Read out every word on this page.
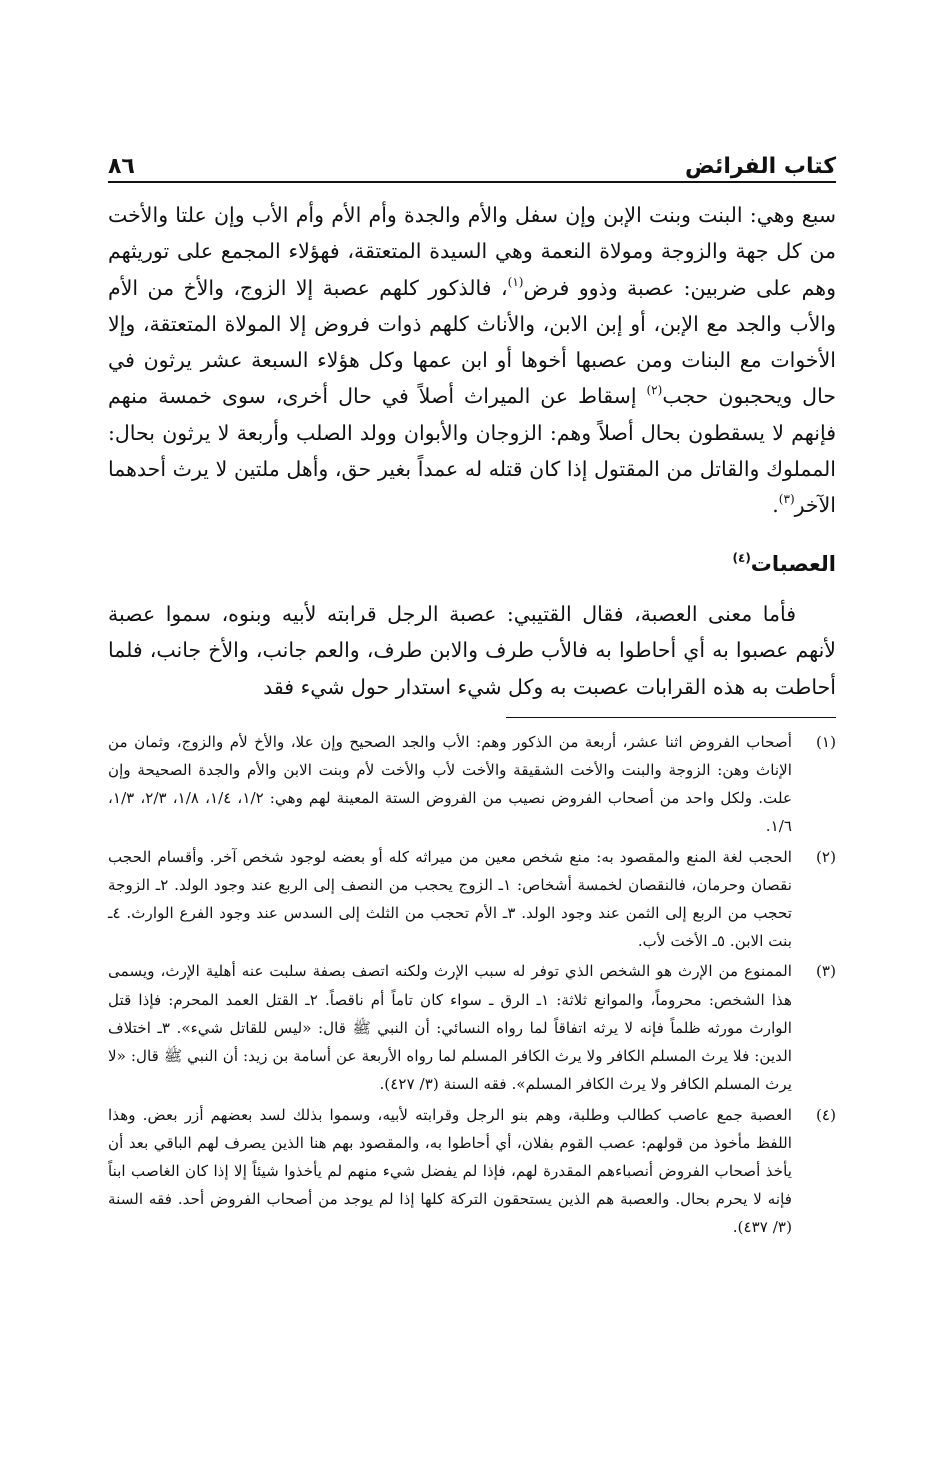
كتاب الفرائض
٨٦

سبع وهي: البنت وبنت الإبن وإن سفل والأم والجدة وأم الأم وأم الأب وإن علتا والأخت من كل جهة والزوجة ومولاة النعمة وهي السيدة المتعتقة، فهؤلاء المجمع على توريثهم وهم على ضربين: عصبة وذوو فرض$^{(١)}$، فالذكور كلهم عصبة إلا الزوج، والأخ من الأم والأب والجد مع الإبن، أو إبن الابن، والأناث كلهم ذوات فروض إلا المولاة المتعتقة، وإلا الأخوات مع البنات ومن عصبها أخوها أو ابن عمها وكل هؤلاء السبعة عشر يرثون في حال ويحجبون حجب$^{(٢)}$ إسقاط عن الميراث أصلاً في حال أخرى، سوى خمسة منهم فإنهم لا يسقطون بحال أصلاً وهم: الزوجان والأبوان وولد الصلب وأربعة لا يرثون بحال: المملوك والقاتل من المقتول إذا كان قتله له عمداً بغير حق، وأهل ملتين لا يرث أحدهما الآخر$^{(٣)}$.

العصبات$^{(٤)}$

فأما معنى العصبة، فقال القتيبي: عصبة الرجل قرابته لأبيه وبنوه، سموا عصبة لأنهم عصبوا به أي أحاطوا به فالأب طرف والابن طرف، والعم جانب، والأخ جانب، فلما أحاطت به هذه القرابات عصبت به وكل شيء استدار حول شيء فقد

(١)
أصحاب الفروض اثنا عشر، أربعة من الذكور وهم: الأب والجد الصحيح وإن علا، والأخ لأم والزوج، وثمان من الإناث وهن: الزوجة والبنت والأخت الشقيقة والأخت لأب والأخت لأم وبنت الابن والأم والجدة الصحيحة وإن علت. ولكل واحد من أصحاب الفروض نصيب من الفروض الستة المعينة لهم وهي: ١/٢، ١/٤، ١/٨، ٢/٣، ١/٣، ١/٦.
(٢)
الحجب لغة المنع والمقصود به: منع شخص معين من ميراثه كله أو بعضه لوجود شخص آخر. وأقسام الحجب نقصان وحرمان، فالنقصان لخمسة أشخاص: ١ـ الزوج يحجب من النصف إلى الربع عند وجود الولد. ٢ـ الزوجة تحجب من الربع إلى الثمن عند وجود الولد. ٣ـ الأم تحجب من الثلث إلى السدس عند وجود الفرع الوارث. ٤ـ بنت الابن. ٥ـ الأخت لأب.
(٣)
الممنوع من الإرث هو الشخص الذي توفر له سبب الإرث ولكنه اتصف بصفة سلبت عنه أهلية الإرث، ويسمى هذا الشخص: محروماً، والموانع ثلاثة: ١ـ الرق ـ سواء كان تاماً أم ناقصاً. ٢ـ القتل العمد المحرم: فإذا قتل الوارث مورثه ظلماً فإنه لا يرثه اتفاقاً لما رواه النسائي: أن النبي ﷺ قال: «ليس للقاتل شيء». ٣ـ اختلاف الدين: فلا يرث المسلم الكافر ولا يرث الكافر المسلم لما رواه الأربعة عن أسامة بن زيد: أن النبي ﷺ قال: «لا يرث المسلم الكافر ولا يرث الكافر المسلم». فقه السنة (٣/ ٤٢٧).
(٤)
العصبة جمع عاصب كطالب وطلبة، وهم بنو الرجل وقرابته لأبيه، وسموا بذلك لسد بعضهم أزر بعض. وهذا اللفظ مأخوذ من قولهم: عصب القوم بفلان، أي أحاطوا به، والمقصود بهم هنا الذين يصرف لهم الباقي بعد أن يأخذ أصحاب الفروض أنصباءهم المقدرة لهم، فإذا لم يفضل شيء منهم لم يأخذوا شيئاً إلا إذا كان الغاصب ابناً فإنه لا يحرم بحال. والعصبة هم الذين يستحقون التركة كلها إذا لم يوجد من أصحاب الفروض أحد. فقه السنة (٣/ ٤٣٧).
